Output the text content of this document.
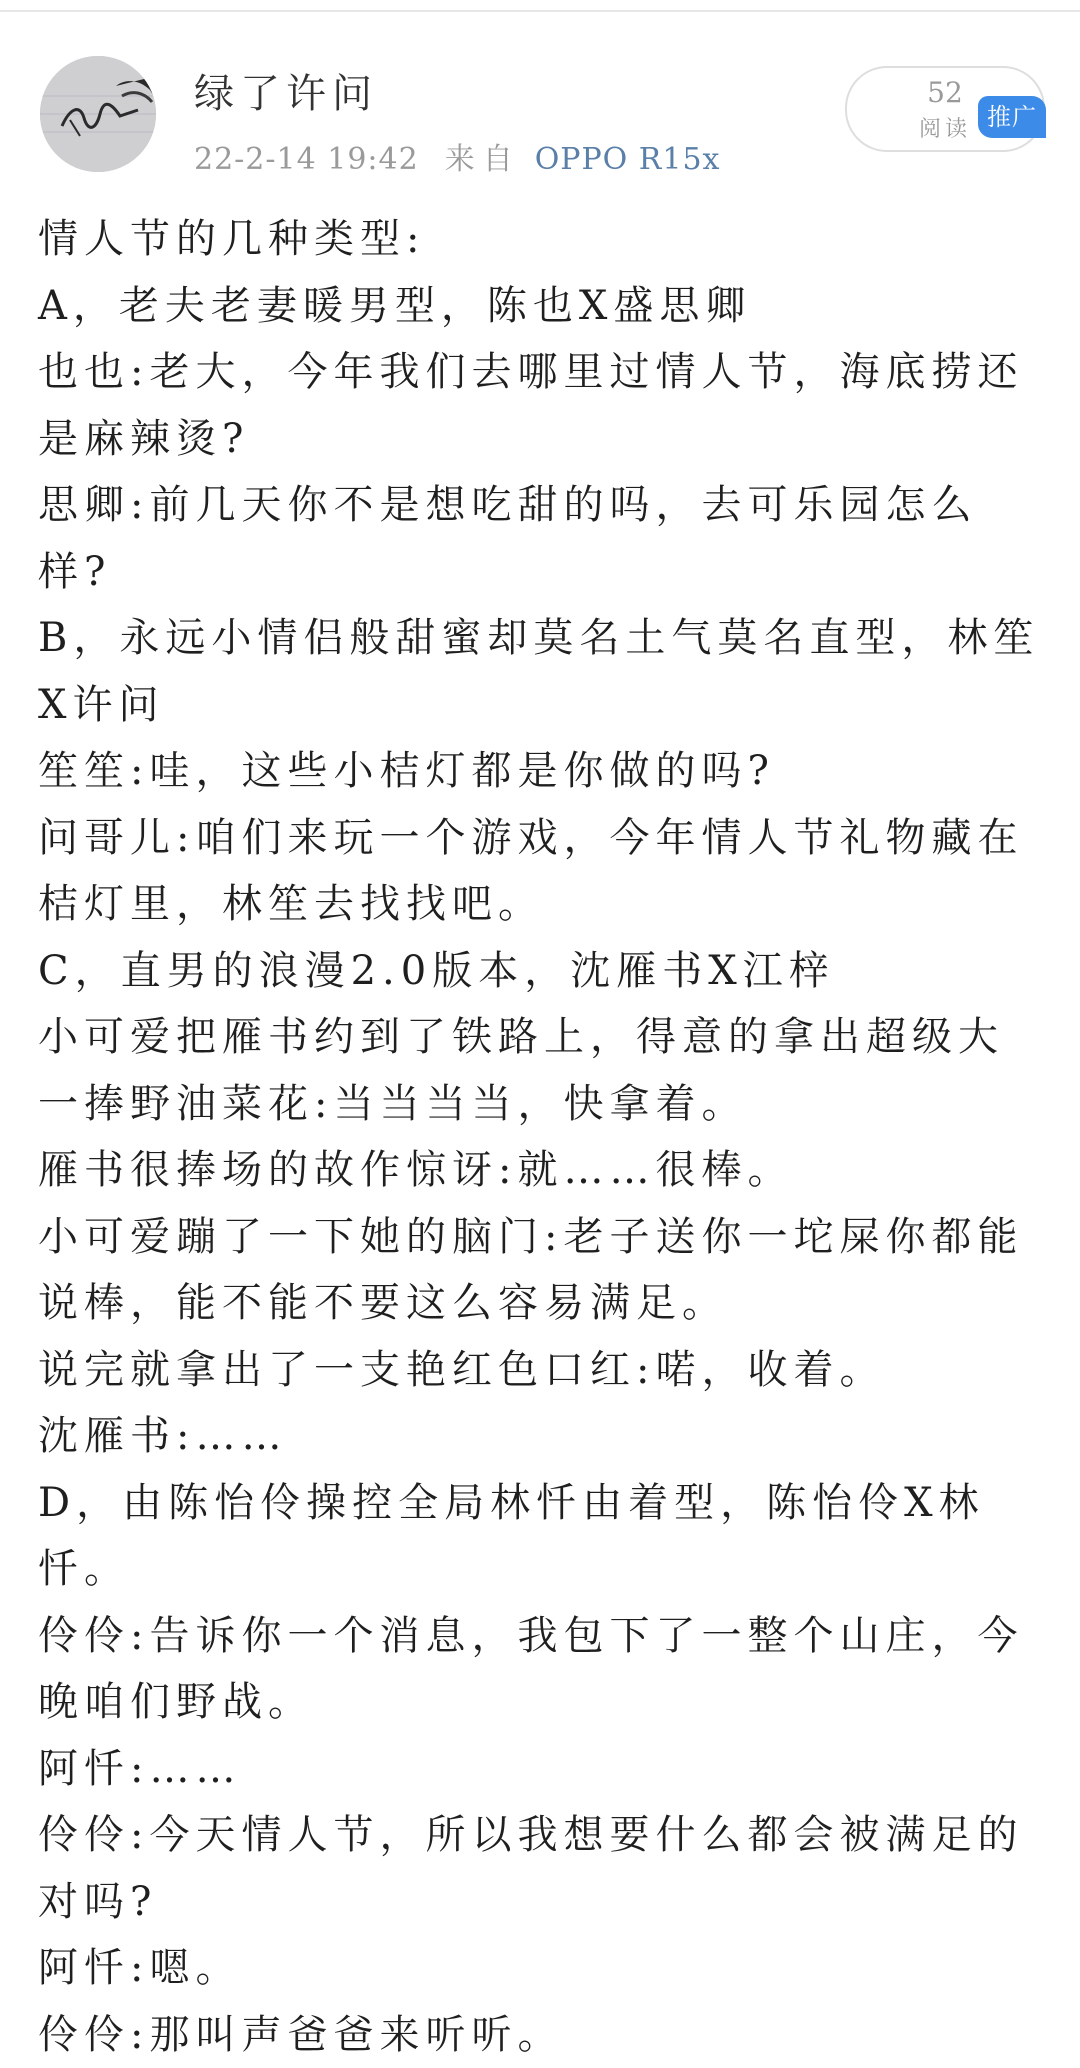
绿了许问
22-2-14 19:42 来自 OPPO R15x
52
阅读 推广

情人节的几种类型:

A，老夫老妻暖男型，陈也X盛思卿

也也:老大，今年我们去哪里过情人节，海底捞还是麻辣烫?

思卿:前几天你不是想吃甜的吗，去可乐园怎么样?

B，永远小情侣般甜蜜却莫名土气莫名直型，林笙X许问

笙笙:哇，这些小桔灯都是你做的吗?

问哥儿:咱们来玩一个游戏，今年情人节礼物藏在桔灯里，林笙去找找吧。

C，直男的浪漫2.0版本，沈雁书X江梓

小可爱把雁书约到了铁路上，得意的拿出超级大一捧野油菜花:当当当当，快拿着。

雁书很捧场的故作惊讶:就……很棒。

小可爱蹦了一下她的脑门:老子送你一坨屎你都能说棒，能不能不要这么容易满足。

说完就拿出了一支艳红色口红:喏，收着。

沈雁书:……

D，由陈怡伶操控全局林忏由着型，陈怡伶X林忏。

伶伶:告诉你一个消息，我包下了一整个山庄，今晚咱们野战。

阿忏:……

伶伶:今天情人节，所以我想要什么都会被满足的对吗?

阿忏:嗯。

伶伶:那叫声爸爸来听听。
